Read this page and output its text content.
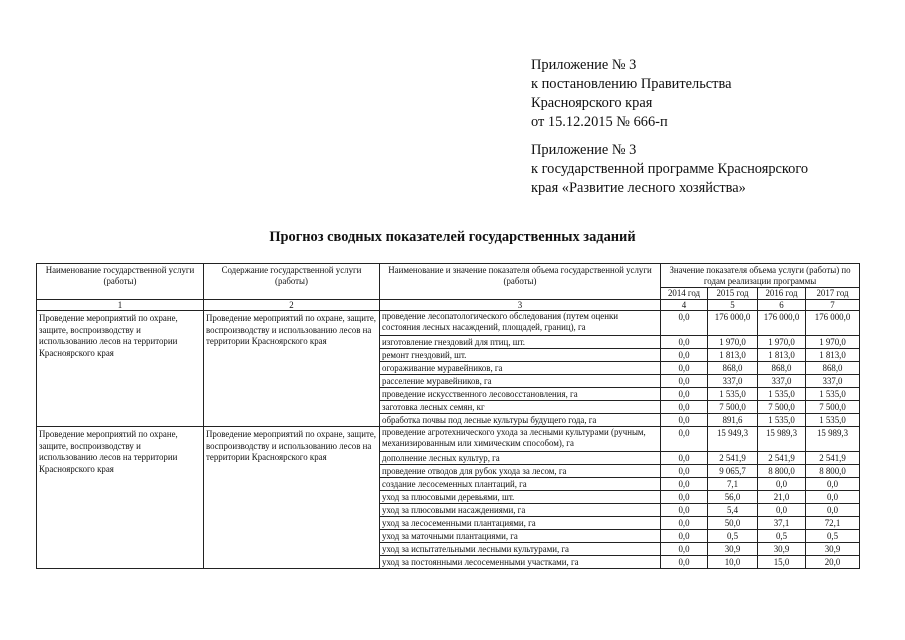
Приложение № 3
к постановлению Правительства
Красноярского края
от 15.12.2015 № 666-п
Приложение № 3
к государственной программе Красноярского
края «Развитие лесного хозяйства»
Прогноз сводных показателей государственных заданий
Наименование государственной услуги (работы)	Содержание государственной услуги (работы)	Наименование и значение показателя объема государственной услуги (работы)	Значение показателя объема услуги (работы) по годам реализации программы			
			2014 год	2015 год	2016 год	2017 год
1	2	3	4	5	6	7
Проведение мероприятий по охране, защите, воспроизводству и использованию лесов на территории Красноярского края	Проведение мероприятий по охране, защите, воспроизводству и использованию лесов на территории Красноярского края	проведение лесопатологического обследования (путем оценки состояния лесных насаждений, площадей, границ), га	0,0	176 000,0	176 000,0	176 000,0
		изготовление гнездовий для птиц, шт.	0,0	1 970,0	1 970,0	1 970,0
		ремонт гнездовий, шт.	0,0	1 813,0	1 813,0	1 813,0
		огораживание муравейников, га	0,0	868,0	868,0	868,0
		расселение муравейников, га	0,0	337,0	337,0	337,0
		проведение искусственного лесовосстановления, га	0,0	1 535,0	1 535,0	1 535,0
		заготовка лесных семян, кг	0,0	7 500,0	7 500,0	7 500,0
		обработка почвы под лесные культуры будущего года, га	0,0	891,6	1 535,0	1 535,0
Проведение мероприятий по охране, защите, воспроизводству и использованию лесов на территории Красноярского края	Проведение мероприятий по охране, защите, воспроизводству и использованию лесов на территории Красноярского края	проведение агротехнического ухода за лесными культурами (ручным, механизированным или химическим способом), га	0,0	15 949,3	15 989,3	15 989,3
		дополнение лесных культур, га	0,0	2 541,9	2 541,9	2 541,9
		проведение отводов для рубок ухода за лесом, га	0,0	9 065,7	8 800,0	8 800,0
		создание лесосеменных плантаций, га	0,0	7,1	0,0	0,0
		уход за плюсовыми деревьями, шт.	0,0	56,0	21,0	0,0
		уход за плюсовыми насаждениями, га	0,0	5,4	0,0	0,0
		уход за лесосеменными плантациями, га	0,0	50,0	37,1	72,1
		уход за маточными плантациями, га	0,0	0,5	0,5	0,5
		уход за испытательными лесными культурами, га	0,0	30,9	30,9	30,9
		уход за постоянными лесосеменными участками, га	0,0	10,0	15,0	20,0
